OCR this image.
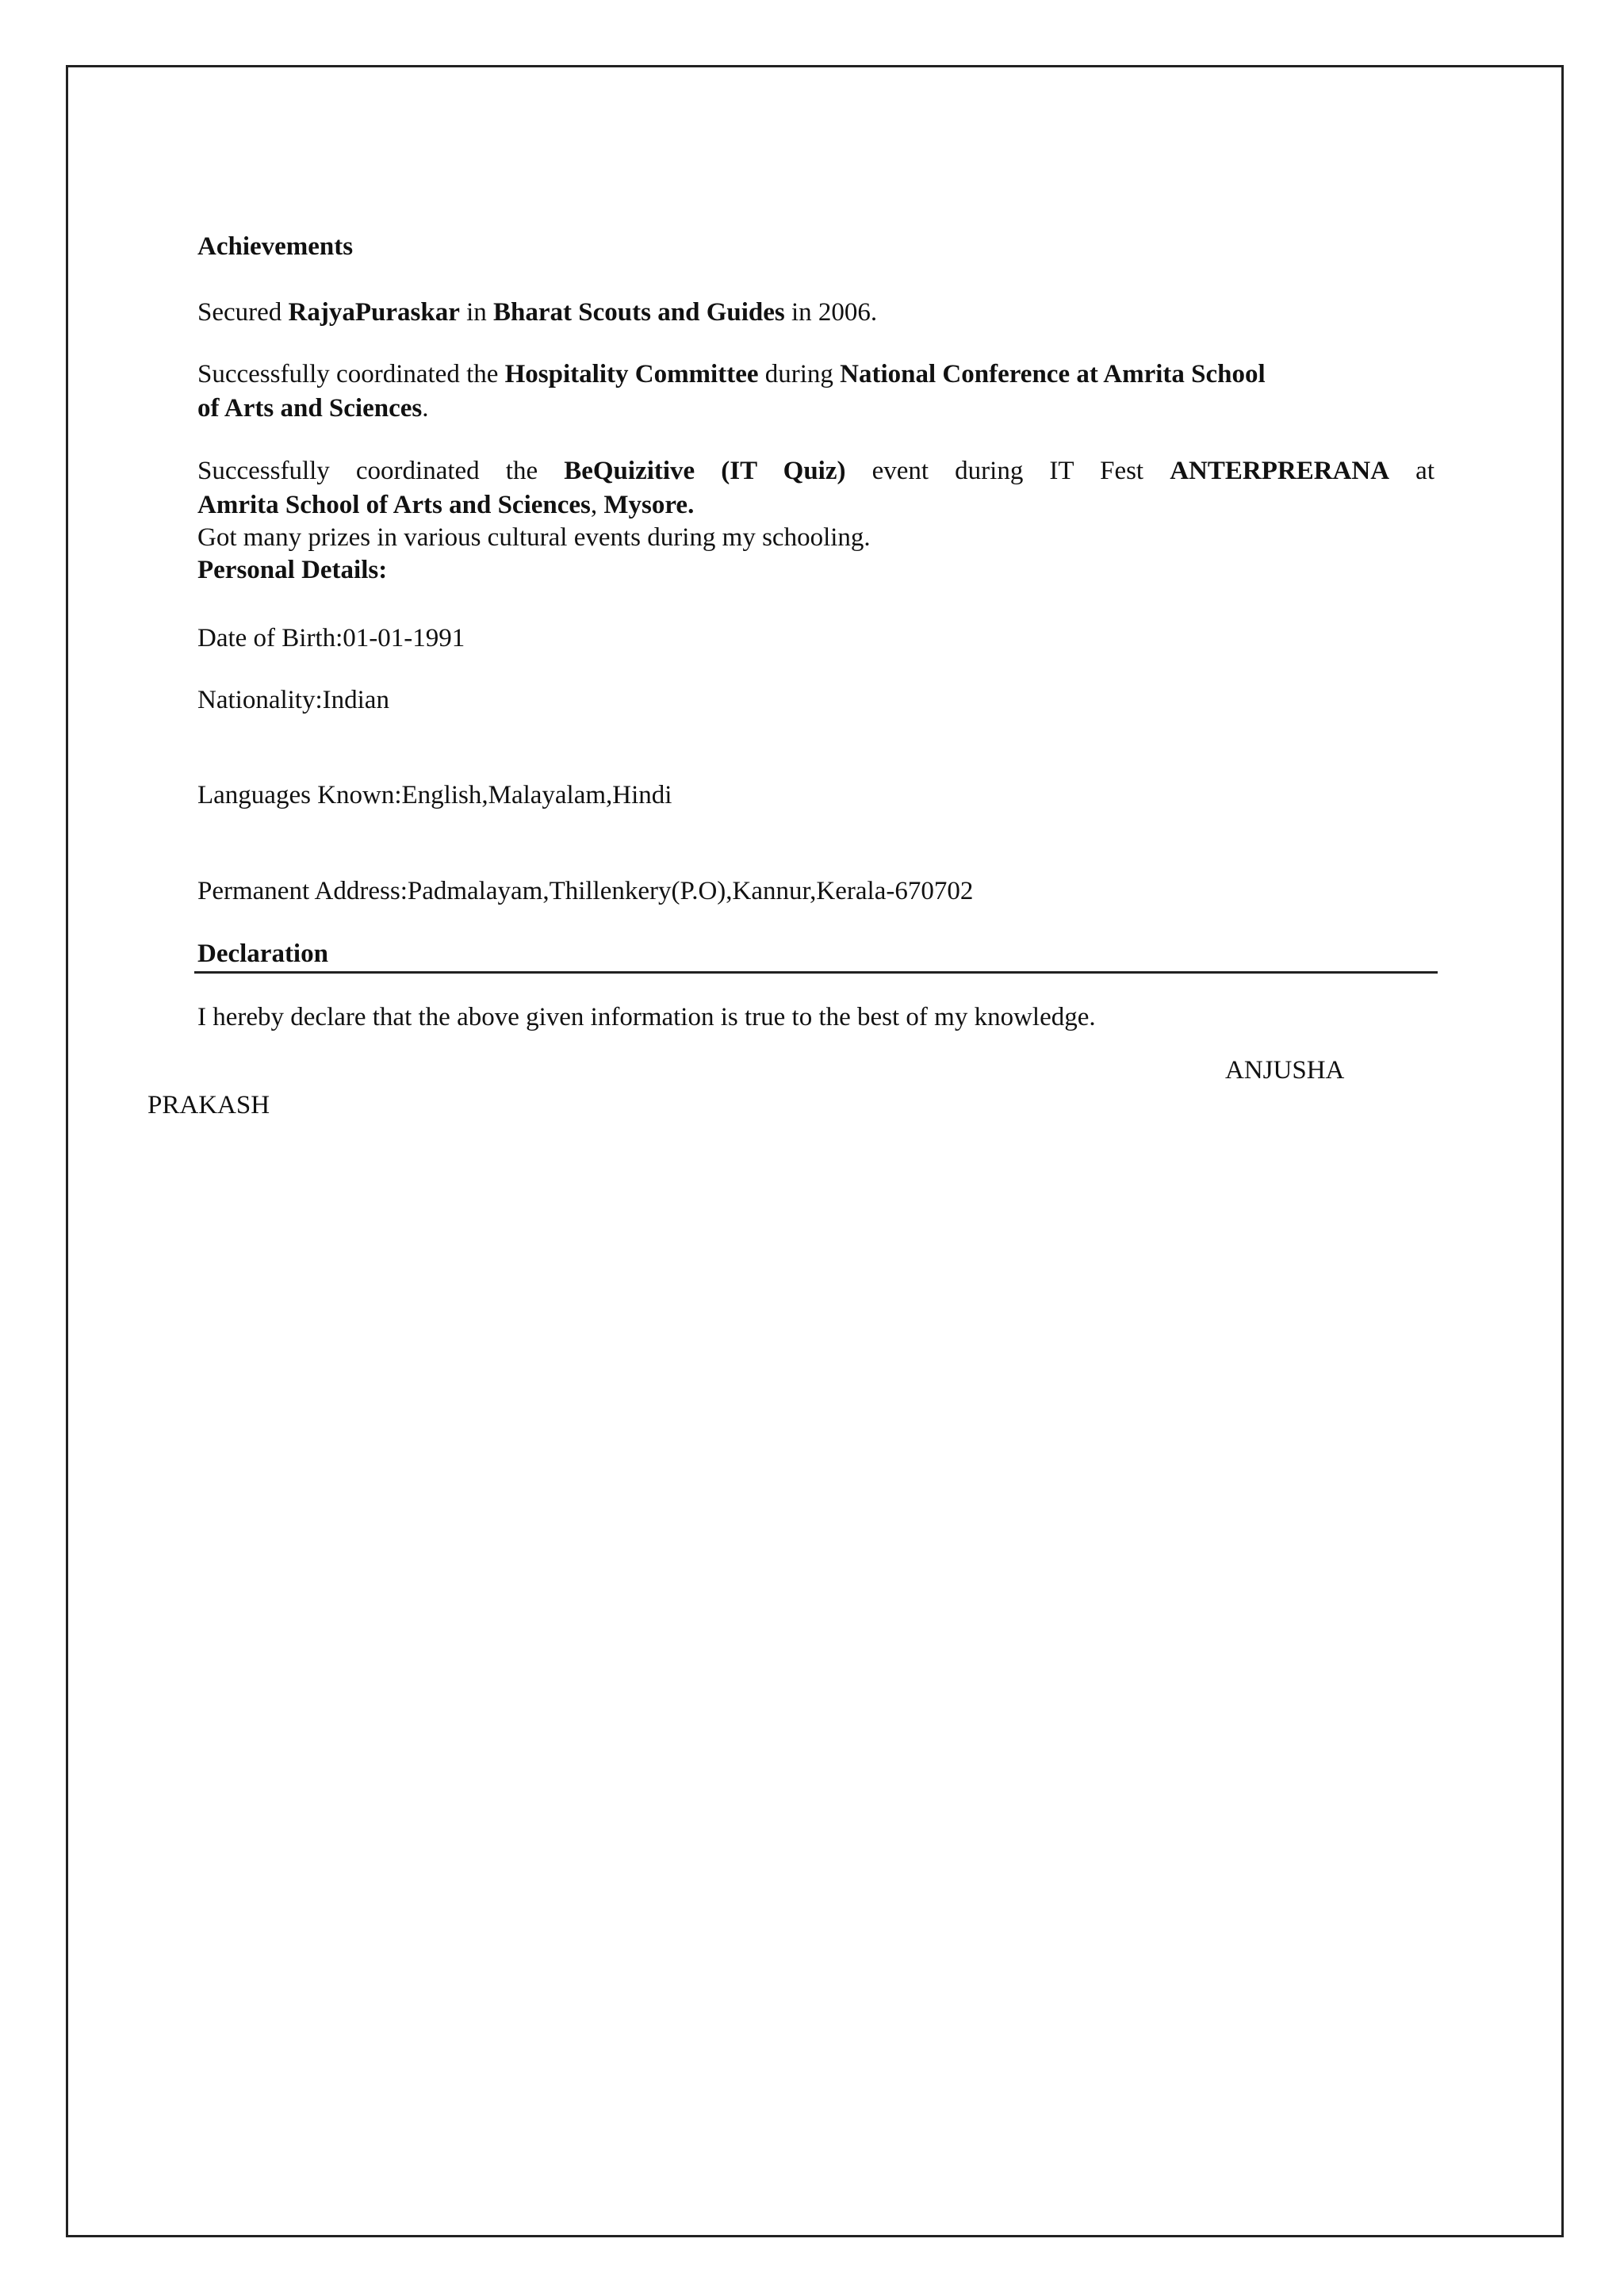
Achievements
Secured RajyaPuraskar in Bharat Scouts and Guides in 2006.
Successfully coordinated the Hospitality Committee during National Conference at Amrita School
of Arts and Sciences.
Successfully coordinated the BeQuizitive (IT Quiz) event during IT Fest ANTERPRERANA at
Amrita School of Arts and Sciences, Mysore.
Got many prizes in various cultural events during my schooling.
Personal Details:
Date of Birth:01-01-1991
Nationality:Indian
Languages Known:English,Malayalam,Hindi
Permanent Address:Padmalayam,Thillenkery(P.O),Kannur,Kerala-670702
Declaration
I hereby declare that the above given information is true to the best of my knowledge.
ANJUSHA
PRAKASH
